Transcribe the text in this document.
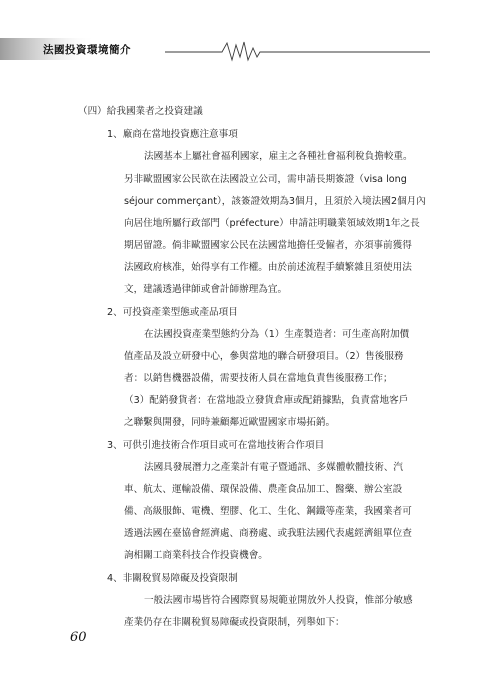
法國投資環境簡介

（四）給我國業者之投資建議

1、廠商在當地投資應注意事項

法國基本上屬社會福利國家，雇主之各種社會福利稅負擔較重。

另非歐盟國家公民欲在法國設立公司，需申請長期簽證（visa long

séjour commerçant），該簽證效期為3個月，且須於入境法國2個月內

向居住地所屬行政部門（préfecture）申請註明職業領域效期1年之長

期居留證。倘非歐盟國家公民在法國當地擔任受僱者，亦須事前獲得

法國政府核准，始得享有工作權。由於前述流程手續繁雜且須使用法

文，建議透過律師或會計師辦理為宜。

2、可投資產業型態或產品項目

在法國投資產業型態約分為（1）生產製造者：可生產高附加價

值產品及設立研發中心，參與當地的聯合研發項目。（2）售後服務

者：以銷售機器設備，需要技術人員在當地負責售後服務工作；

（3）配銷發貨者：在當地設立發貨倉庫或配銷據點，負責當地客戶

之聯繫與開發，同時兼顧鄰近歐盟國家市場拓銷。

3、可供引進技術合作項目或可在當地技術合作項目

法國具發展潛力之產業計有電子暨通訊、多媒體軟體技術、汽

車、航太、運輸設備、環保設備、農產食品加工、醫藥、辦公室設

備、高級服飾、電機、塑膠、化工、生化、鋼鐵等產業，我國業者可

透過法國在臺協會經濟處、商務處、或我駐法國代表處經濟組單位查

詢相關工商業科技合作投資機會。

4、非關稅貿易障礙及投資限制

一般法國市場皆符合國際貿易規範並開放外人投資，惟部分敏感

產業仍存在非關稅貿易障礙或投資限制，列舉如下：

60
